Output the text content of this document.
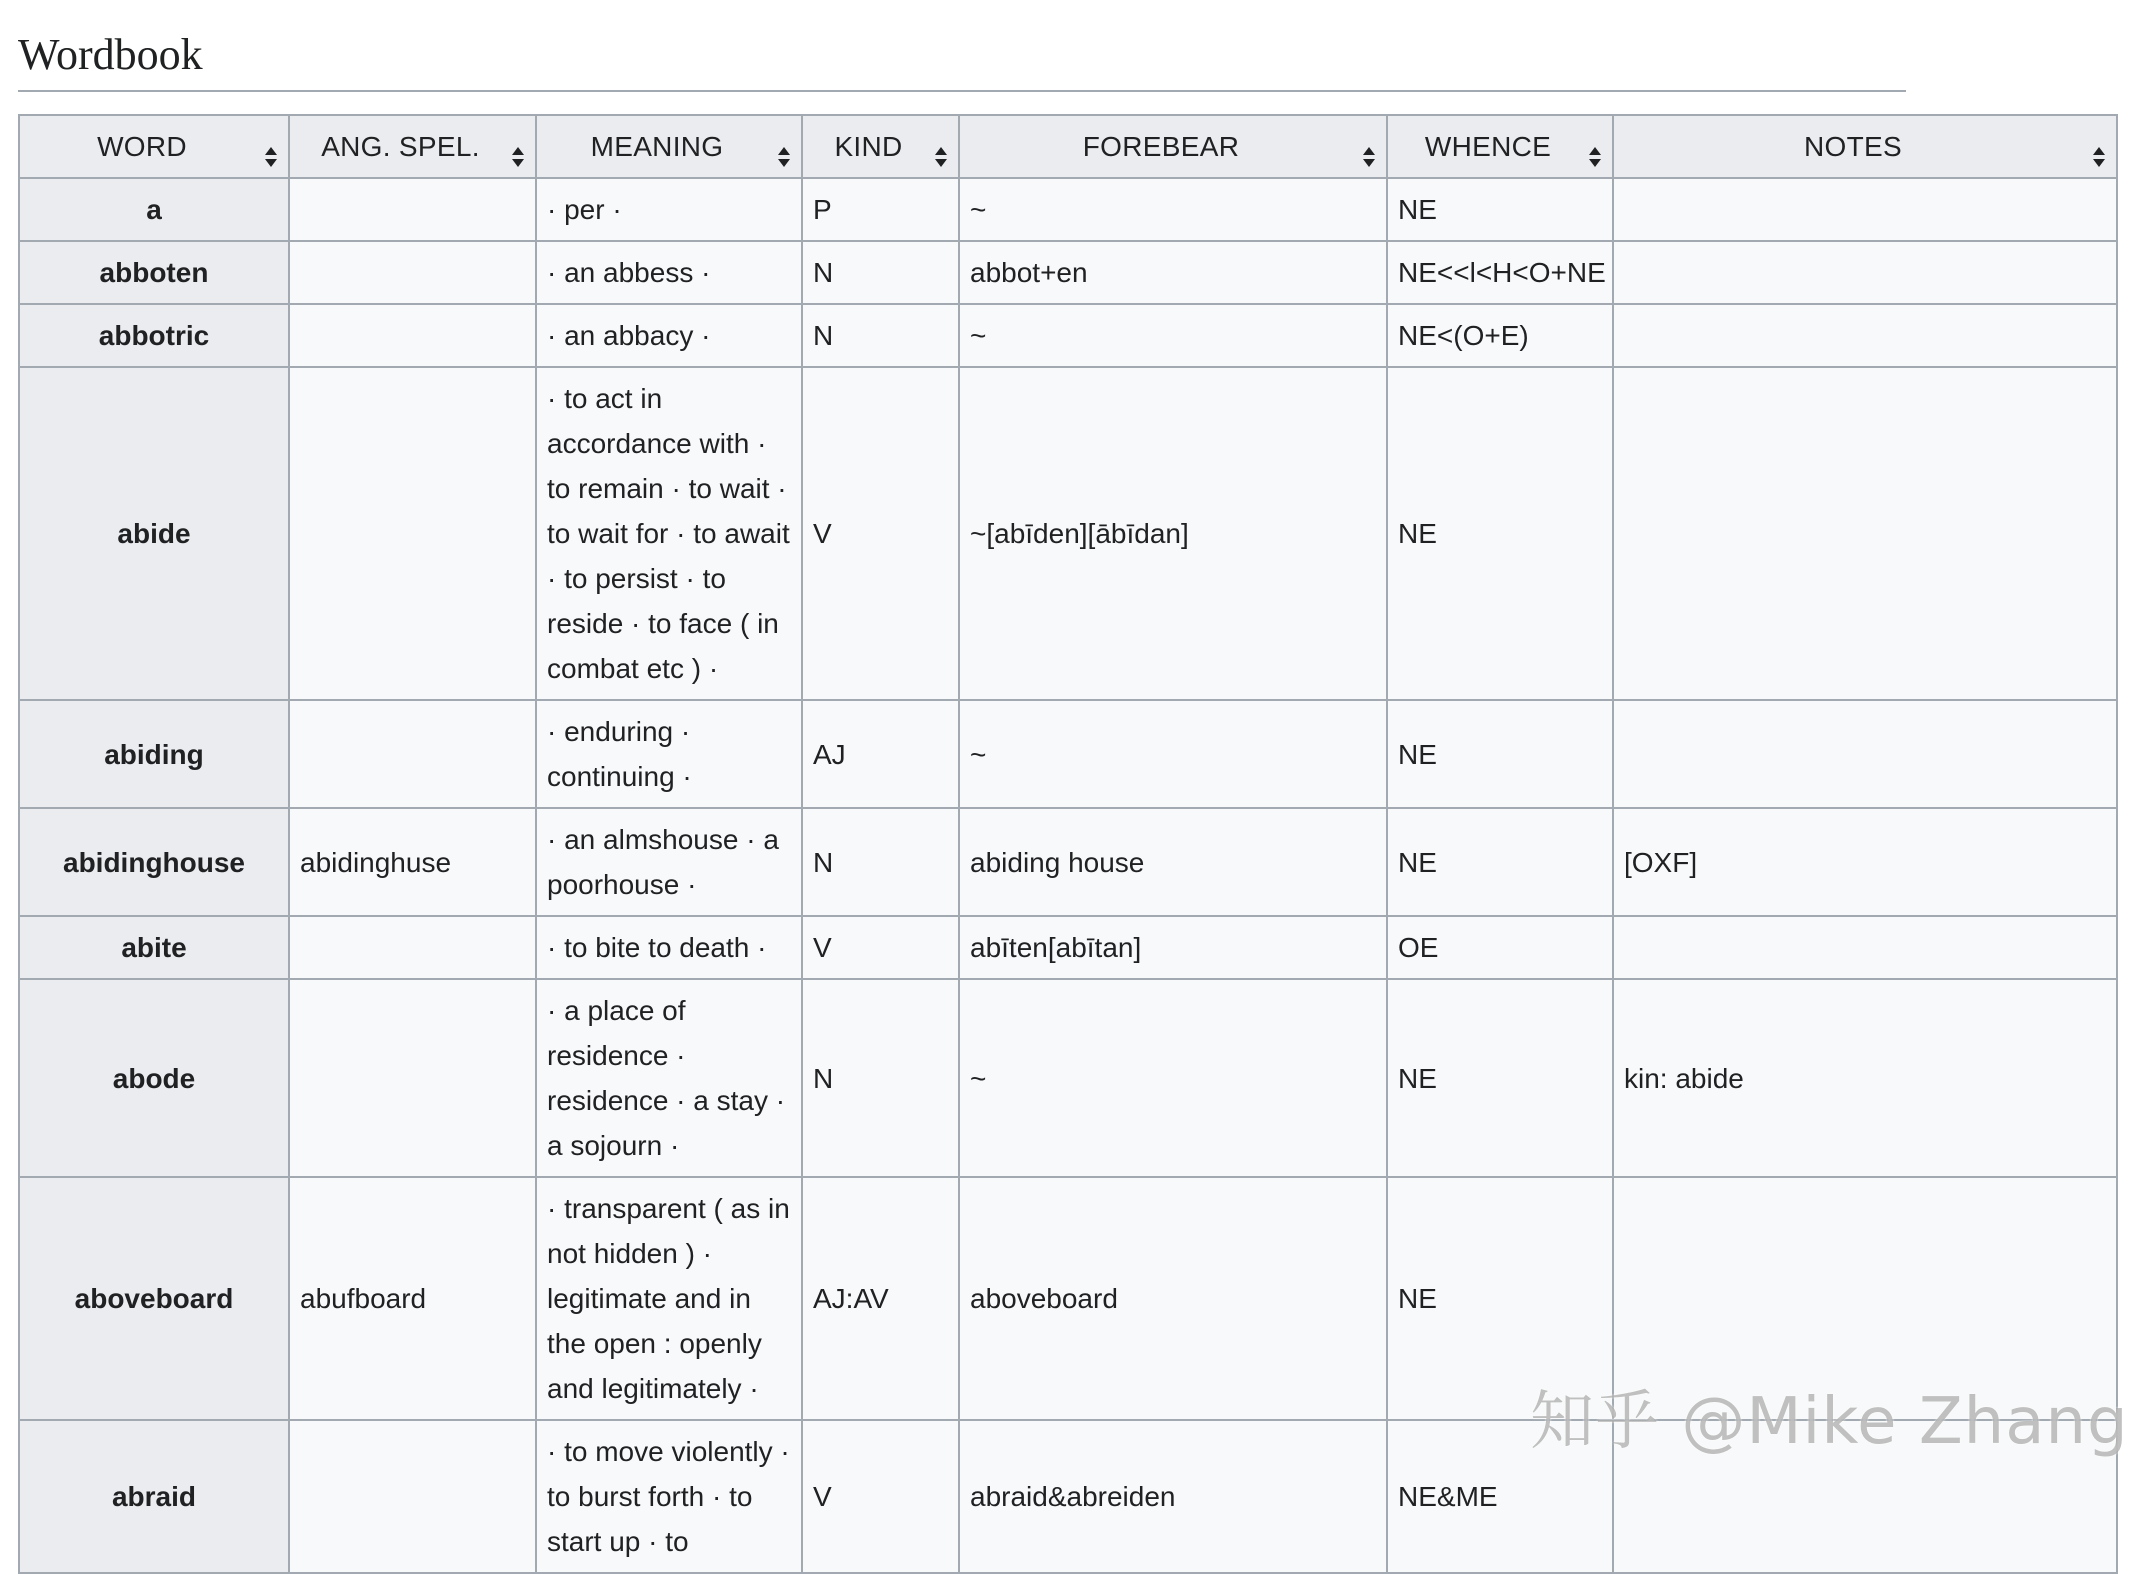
Wordbook
WORD	ANG. SPEL.	MEANING	KIND	FOREBEAR	WHENCE	NOTES

a		· per ·	P	~	NE	
abboten		· an abbess ·	N	abbot+en	NE<<l<H<O+NE	
abbotric		· an abbacy ·	N	~	NE<(O+E)	
abide		· to act in accordance with · to remain · to wait · to wait for · to await · to persist · to reside · to face ( in combat etc ) ·	V	~[abīden][ābīdan]	NE	
abiding		· enduring · continuing ·	AJ	~	NE	
abidinghouse	abidinghuse	· an almshouse · a poorhouse ·	N	abiding house	NE	[OXF]
abite		· to bite to death ·	V	abīten[abītan]	OE	
abode		· a place of residence · residence · a stay · a sojourn ·	N	~	NE	kin: abide
aboveboard	abufboard	· transparent ( as in not hidden ) · legitimate and in the open : openly and legitimately ·	AJ:AV	aboveboard	NE	
abraid		· to move violently · to burst forth · to start up · to	V	abraid&abreiden	NE&ME	
知乎 @Mike Zhang
